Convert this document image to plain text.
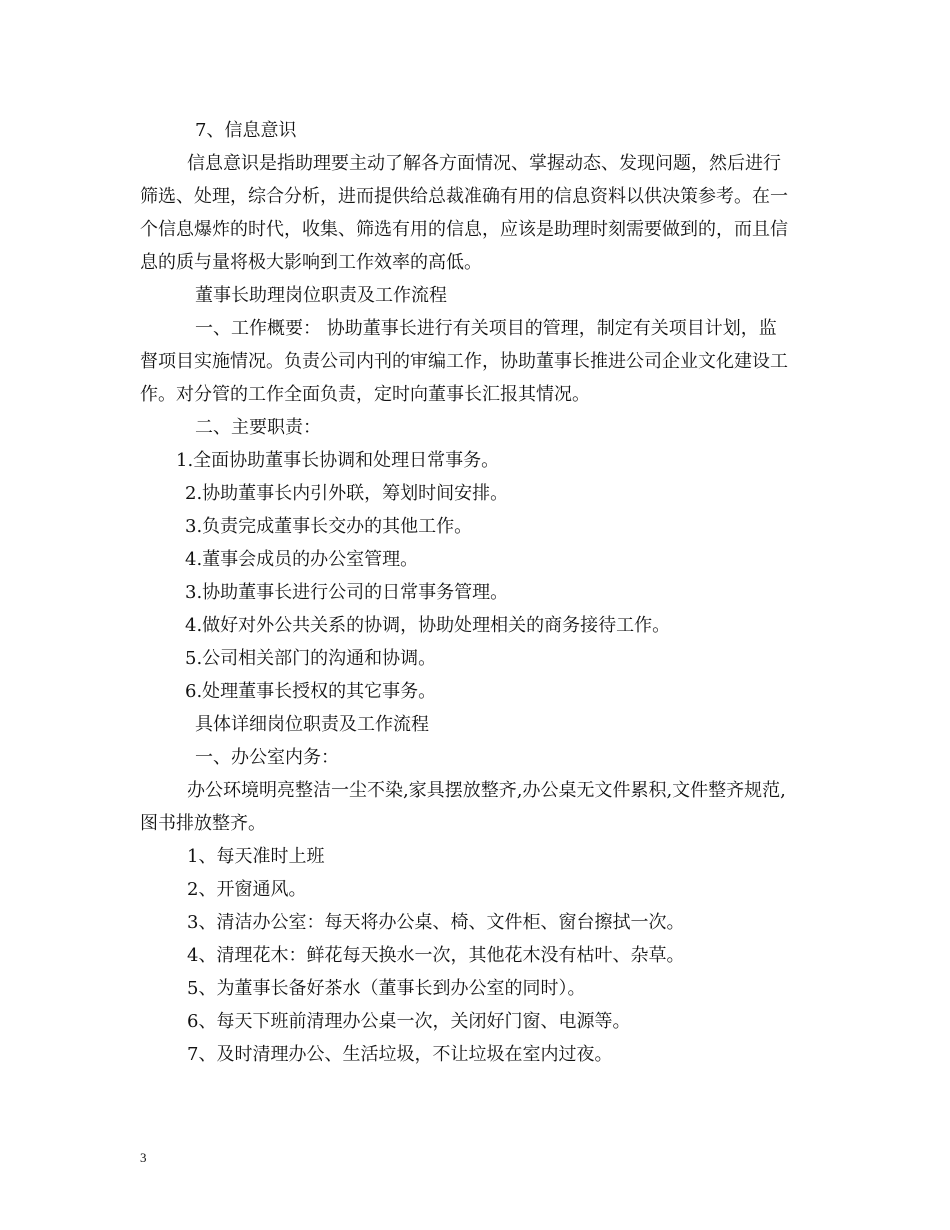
7、信息意识
信息意识是指助理要主动了解各方面情况、掌握动态、发现问题，然后进行
筛选、处理，综合分析，进而提供给总裁准确有用的信息资料以供决策参考。在一
个信息爆炸的时代，收集、筛选有用的信息，应该是助理时刻需要做到的，而且信
息的质与量将极大影响到工作效率的高低。
董事长助理岗位职责及工作流程
一、工作概要： 协助董事长进行有关项目的管理，制定有关项目计划，监
督项目实施情况。负责公司内刊的审编工作，协助董事长推进公司企业文化建设工
作。对分管的工作全面负责，定时向董事长汇报其情况。
二、主要职责：
1.全面协助董事长协调和处理日常事务。
2.协助董事长内引外联，筹划时间安排。
3.负责完成董事长交办的其他工作。
4.董事会成员的办公室管理。
3.协助董事长进行公司的日常事务管理。
4.做好对外公共关系的协调，协助处理相关的商务接待工作。
5.公司相关部门的沟通和协调。
6.处理董事长授权的其它事务。
具体详细岗位职责及工作流程
一、办公室内务：
办公环境明亮整洁一尘不染,家具摆放整齐,办公桌无文件累积,文件整齐规范,
图书排放整齐。
1、每天准时上班
2、开窗通风。
3、清洁办公室：每天将办公桌、椅、文件柜、窗台擦拭一次。
4、清理花木：鲜花每天换水一次，其他花木没有枯叶、杂草。
5、为董事长备好茶水（董事长到办公室的同时）。
6、每天下班前清理办公桌一次，关闭好门窗、电源等。
7、及时清理办公、生活垃圾，不让垃圾在室内过夜。
3
